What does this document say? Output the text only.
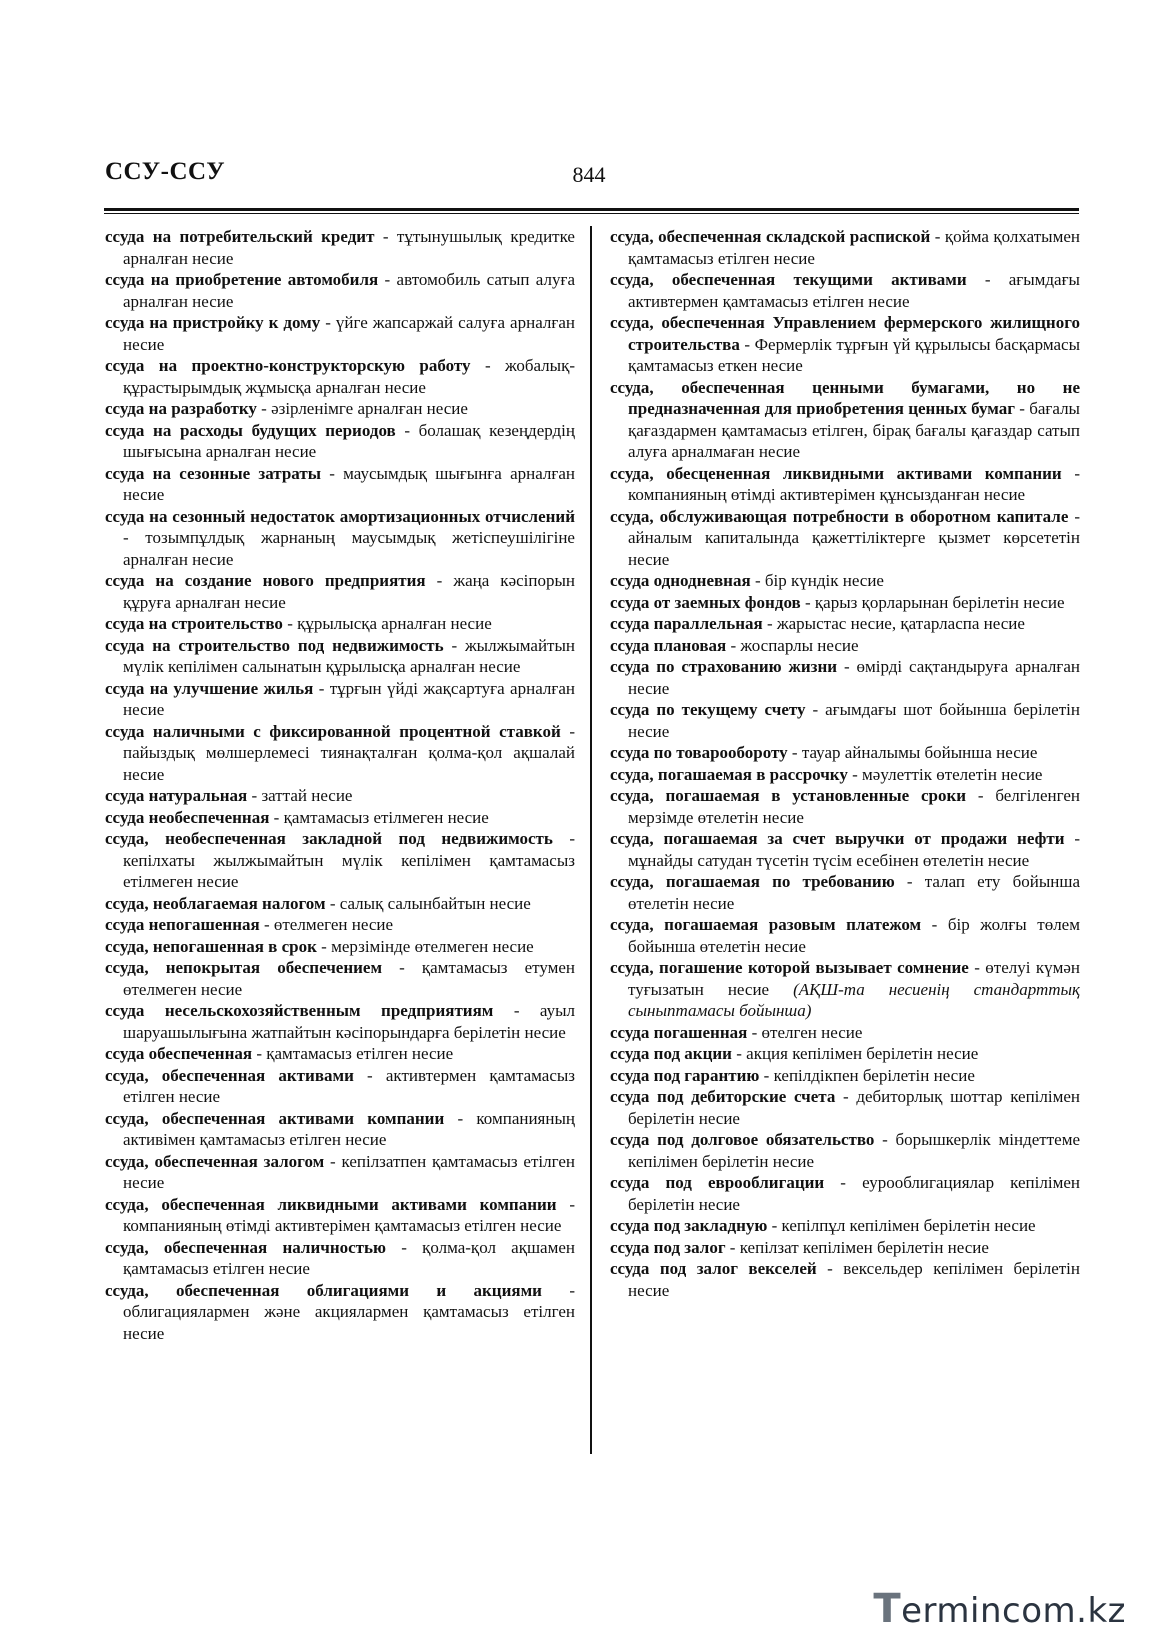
ССУ-ССУ	844
ссуда на потребительский кредит - тұтынушылық кредитке арналған несие
ссуда на приобретение автомобиля - автомобиль сатып алуға арналған несие
ссуда на пристройку к дому - үйге жапсаржай салуға арналған несие
ссуда на проектно-конструкторскую работу - жобалық-құрастырымдық жұмысқа арналған несие
ссуда на разработку - әзірленімге арналған несие
ссуда на расходы будущих периодов - болашақ кезеңдердің шығысына арналған несие
ссуда на сезонные затраты - маусымдық шығынға арналған несие
ссуда на сезонный недостаток амортизационных отчислений - тозымпұлдық жарнаның маусымдық жетіспеушілігіне арналған несие
ссуда на создание нового предприятия - жаңа кәсіпорын құруға арналған несие
ссуда на строительство - құрылысқа арналған несие
ссуда на строительство под недвижимость - жылжымайтын мүлік кепілімен салынатын құрылысқа арналған несие
ссуда на улучшение жилья - тұрғын үйді жақсартуға арналған несие
ссуда наличными с фиксированной процентной ставкой - пайыздық мөлшерлемесі тиянақталған қолма-қол ақшалай несие
ссуда натуральная - заттай несие
ссуда необеспеченная - қамтамасыз етілмеген несие
ссуда, необеспеченная закладной под недвижимость - кепілхаты жылжымайтын мүлік кепілімен қамтамасыз етілмеген несие
ссуда, необлагаемая налогом - салық салынбайтын несие
ссуда непогашенная - өтелмеген несие
ссуда, непогашенная в срок - мерзімінде өтелмеген несие
ссуда, непокрытая обеспечением - қамтамасыз етумен өтелмеген несие
ссуда несельскохозяйственным предприятиям - ауыл шаруашылығына жатпайтын кәсіпорындарға берілетін несие
ссуда обеспеченная - қамтамасыз етілген несие
ссуда, обеспеченная активами - активтермен қамтамасыз етілген несие
ссуда, обеспеченная активами компании - компанияның активімен қамтамасыз етілген несие
ссуда, обеспеченная залогом - кепілзатпен қамтамасыз етілген несие
ссуда, обеспеченная ликвидными активами компании - компанияның өтімді активтерімен қамтамасыз етілген несие
ссуда, обеспеченная наличностью - қолма-қол ақшамен қамтамасыз етілген несие
ссуда, обеспеченная облигациями и акциями - облигациялармен және акциялармен қамтамасыз етілген несие
ссуда, обеспеченная складской распиской - қойма қолхатымен қамтамасыз етілген несие
ссуда, обеспеченная текущими активами - ағымдағы активтермен қамтамасыз етілген несие
ссуда, обеспеченная Управлением фермерского жилищного строительства - Фермерлік тұрғын үй құрылысы басқармасы қамтамасыз еткен несие
ссуда, обеспеченная ценными бумагами, но не предназначенная для приобретения ценных бумаг - бағалы қағаздармен қамтамасыз етілген, бірақ бағалы қағаздар сатып алуға арналмаған несие
ссуда, обесцененная ликвидными активами компании - компанияның өтімді активтерімен құнсызданған несие
ссуда, обслуживающая потребности в оборотном капитале - айналым капиталында қажеттіліктерге қызмет көрсететін несие
ссуда однодневная - бір күндік несие
ссуда от заемных фондов - қарыз қорларынан берілетін несие
ссуда параллельная - жарыстас несие, қатарласпа несие
ссуда плановая - жоспарлы несие
ссуда по страхованию жизни - өмірді сақтандыруға арналған несие
ссуда по текущему счету - ағымдағы шот бойынша берілетін несие
ссуда по товарообороту - тауар айналымы бойынша несие
ссуда, погашаемая в рассрочку - мәулеттік өтелетін несие
ссуда, погашаемая в установленные сроки - белгіленген мерзімде өтелетін несие
ссуда, погашаемая за счет выручки от продажи нефти - мұнайды сатудан түсетін түсім есебінен өтелетін несие
ссуда, погашаемая по требованию - талап ету бойынша өтелетін несие
ссуда, погашаемая разовым платежом - бір жолғы төлем бойынша өтелетін несие
ссуда, погашение которой вызывает сомнение - өтелуі күмән туғызатын несие (АҚШ-та несиенің стандарттық сыныптамасы бойынша)
ссуда погашенная - өтелген несие
ссуда под акции - акция кепілімен берілетін несие
ссуда под гарантию - кепілдікпен берілетін несие
ссуда под дебиторские счета - дебиторлық шоттар кепілімен берілетін несие
ссуда под долговое обязательство - борышкерлік міндеттеме кепілімен берілетін несие
ссуда под еврооблигации - еурооблигациялар кепілімен берілетін несие
ссуда под закладную - кепілпұл кепілімен берілетін несие
ссуда под залог - кепілзат кепілімен берілетін несие
ссуда под залог векселей - вексельдер кепілімен берілетін несие
Termincоm.kz
